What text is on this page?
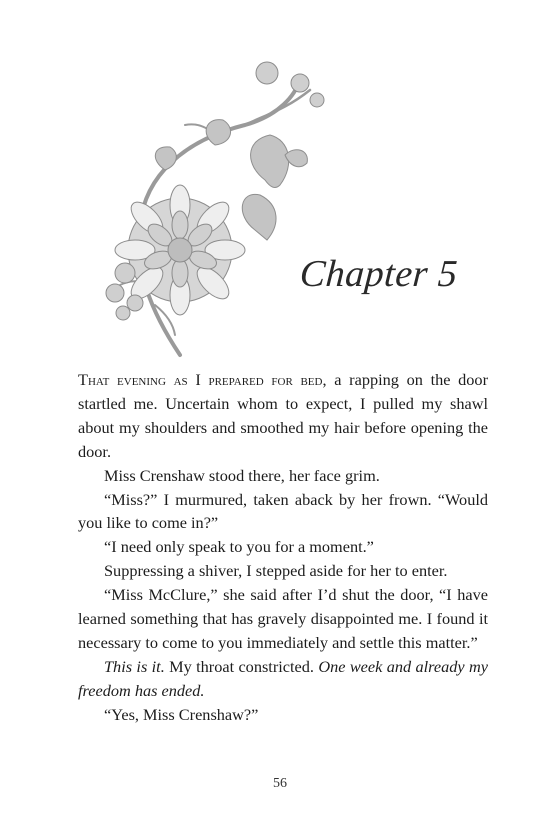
Chapter 5

That evening as I prepared for bed, a rapping on the door startled me. Uncertain whom to expect, I pulled my shawl about my shoulders and smoothed my hair before opening the door.

Miss Crenshaw stood there, her face grim.

“Miss?” I murmured, taken aback by her frown. “Would you like to come in?”

“I need only speak to you for a moment.”

Suppressing a shiver, I stepped aside for her to enter.

“Miss McClure,” she said after I’d shut the door, “I have learned something that has gravely disappointed me. I found it necessary to come to you immediately and settle this matter.”

This is it. My throat constricted. One week and already my freedom has ended.

“Yes, Miss Crenshaw?”

56
